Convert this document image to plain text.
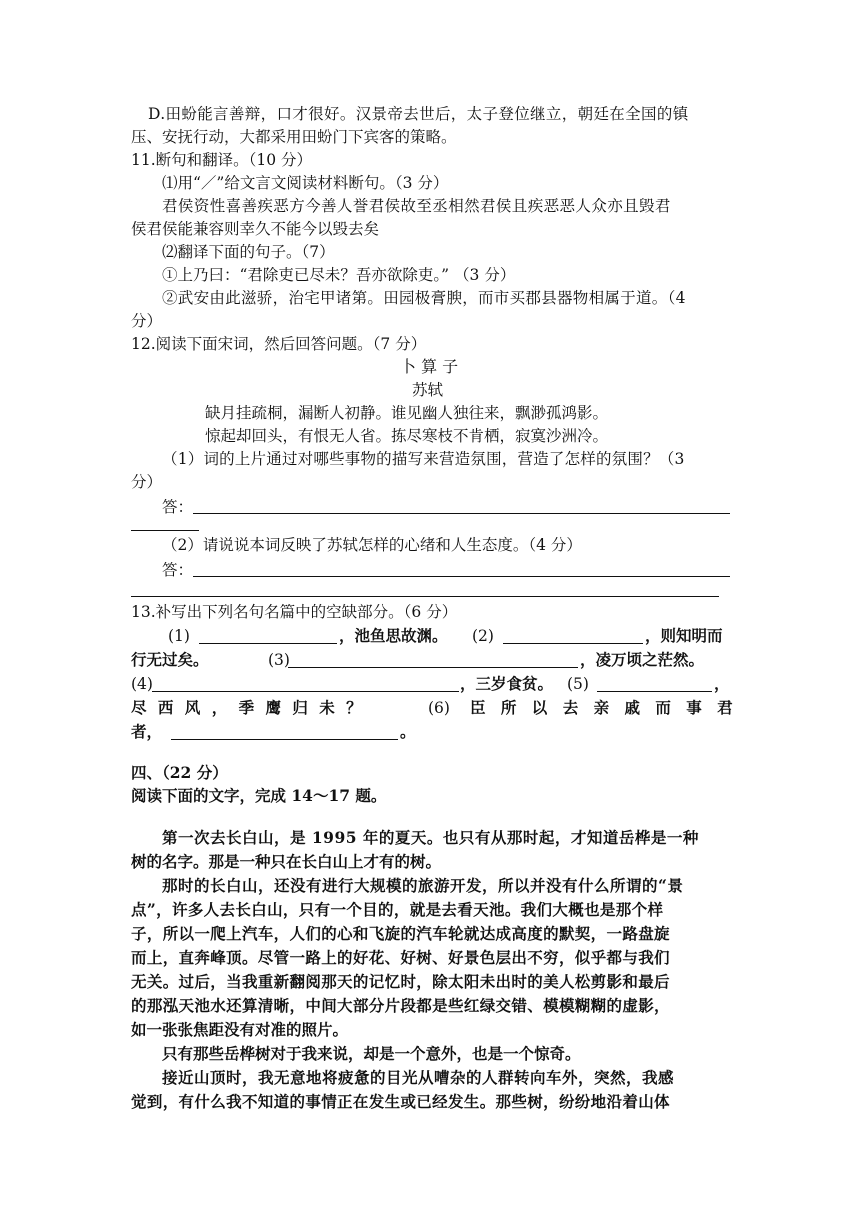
D.田蚡能言善辩，口才很好。汉景帝去世后，太子登位继立，朝廷在全国的镇
压、安抚行动，大都采用田蚡门下宾客的策略。
11.断句和翻译。（10 分）
⑴用“／”给文言文阅读材料断句。（3 分）
君侯资性喜善疾恶方今善人誉君侯故至丞相然君侯且疾恶恶人众亦且毁君
侯君侯能兼容则幸久不能今以毁去矣
⑵翻译下面的句子。（7）
①上乃曰：“君除吏已尽未？吾亦欲除吏。” （3 分）
②武安由此滋骄，治宅甲诸第。田园极膏腴，而市买郡县器物相属于道。（4
分）
12.阅读下面宋词，然后回答问题。（7 分）
卜 算 子
苏轼
缺月挂疏桐，漏断人初静。谁见幽人独往来，飘渺孤鸿影。
惊起却回头，有恨无人省。拣尽寒枝不肯栖，寂寞沙洲冷。
（1）词的上片通过对哪些事物的描写来营造氛围，营造了怎样的氛围？（3
分）
答：
（2）请说说本词反映了苏轼怎样的心绪和人生态度。（4 分）
答：
13.补写出下列名句名篇中的空缺部分。（6 分）
(1)	，池鱼思故渊。 (2)	，则知明而
行无过矣。	(3)	，凌万顷之茫然。
(4)	，三岁食贫。 (5)	，
尽 西 风 ， 季 鹰 归 未 ？	(6) 臣 所 以 去 亲 戚 而 事 君
者，	。
四、（22 分）
阅读下面的文字，完成 14～17 题。
第一次去长白山，是 1995 年的夏天。也只有从那时起，才知道岳桦是一种
树的名字。那是一种只在长白山上才有的树。
那时的长白山，还没有进行大规模的旅游开发，所以并没有什么所谓的“景
点”，许多人去长白山，只有一个目的，就是去看天池。我们大概也是那个样
子，所以一爬上汽车，人们的心和飞旋的汽车轮就达成高度的默契，一路盘旋
而上，直奔峰顶。尽管一路上的好花、好树、好景色层出不穷，似乎都与我们
无关。过后，当我重新翻阅那天的记忆时，除太阳未出时的美人松剪影和最后
的那泓天池水还算清晰，中间大部分片段都是些红绿交错、模模糊糊的虚影，
如一张张焦距没有对准的照片。
只有那些岳桦树对于我来说，却是一个意外，也是一个惊奇。
接近山顶时，我无意地将疲惫的目光从嘈杂的人群转向车外，突然，我感
觉到，有什么我不知道的事情正在发生或已经发生。那些树，纷纷地沿着山体
